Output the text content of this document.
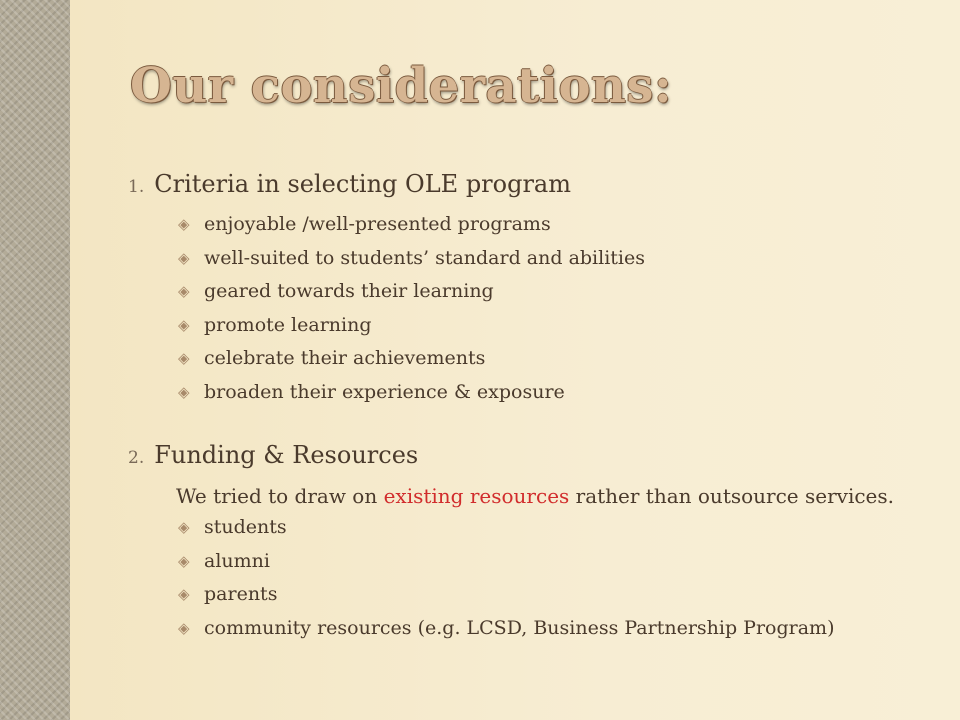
Our considerations:
1. Criteria in selecting OLE program
◈ enjoyable /well-presented programs
◈ well-suited to students’ standard and abilities
◈ geared towards their learning
◈ promote learning
◈ celebrate their achievements
◈ broaden their experience & exposure
2. Funding & Resources

We tried to draw on existing resources rather than outsource services.

◈ students
◈ alumni
◈ parents
◈ community resources (e.g. LCSD, Business Partnership Program)
